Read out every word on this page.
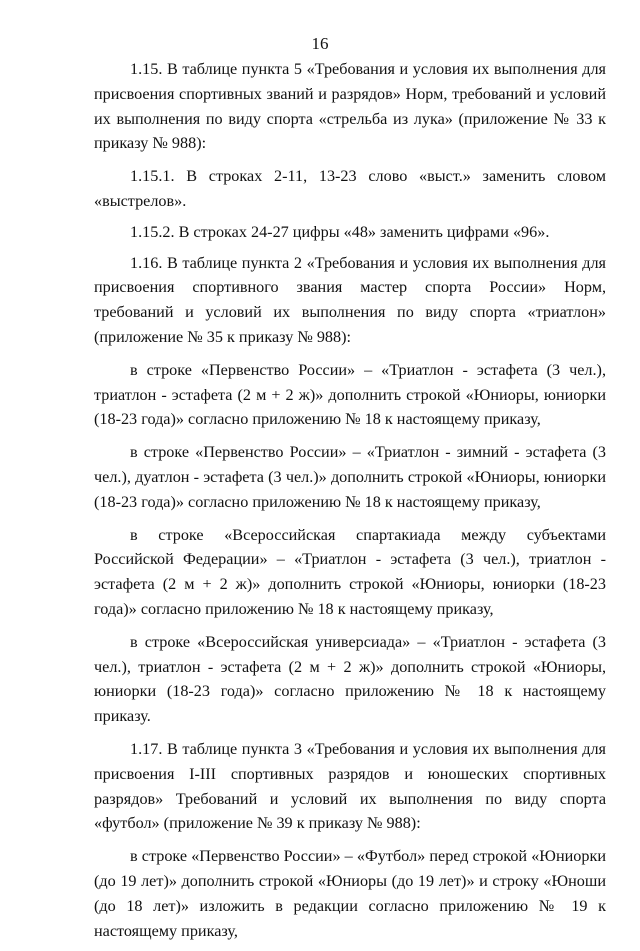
16

1.15. В таблице пункта 5 «Требования и условия их выполнения для присвоения спортивных званий и разрядов» Норм, требований и условий их выполнения по виду спорта «стрельба из лука» (приложение № 33 к приказу № 988):

1.15.1. В строках 2-11, 13-23 слово «выст.» заменить словом «выстрелов».

1.15.2. В строках 24-27 цифры «48» заменить цифрами «96».

1.16. В таблице пункта 2 «Требования и условия их выполнения для присвоения спортивного звания мастер спорта России» Норм, требований и условий их выполнения по виду спорта «триатлон» (приложение № 35 к приказу № 988):

в строке «Первенство России» – «Триатлон - эстафета (3 чел.), триатлон - эстафета (2 м + 2 ж)» дополнить строкой «Юниоры, юниорки (18-23 года)» согласно приложению № 18 к настоящему приказу,

в строке «Первенство России» – «Триатлон - зимний - эстафета (3 чел.), дуатлон - эстафета (3 чел.)» дополнить строкой «Юниоры, юниорки (18-23 года)» согласно приложению № 18 к настоящему приказу,

в строке «Всероссийская спартакиада между субъектами Российской Федерации» – «Триатлон - эстафета (3 чел.), триатлон - эстафета (2 м + 2 ж)» дополнить строкой «Юниоры, юниорки (18-23 года)» согласно приложению № 18 к настоящему приказу,

в строке «Всероссийская универсиада» – «Триатлон - эстафета (3 чел.), триатлон - эстафета (2 м + 2 ж)» дополнить строкой «Юниоры, юниорки (18-23 года)» согласно приложению № 18 к настоящему приказу.

1.17. В таблице пункта 3 «Требования и условия их выполнения для присвоения I-III спортивных разрядов и юношеских спортивных разрядов» Требований и условий их выполнения по виду спорта «футбол» (приложение № 39 к приказу № 988):

в строке «Первенство России» – «Футбол» перед строкой «Юниорки (до 19 лет)» дополнить строкой «Юниоры (до 19 лет)» и строку «Юноши (до 18 лет)» изложить в редакции согласно приложению № 19 к настоящему приказу,
